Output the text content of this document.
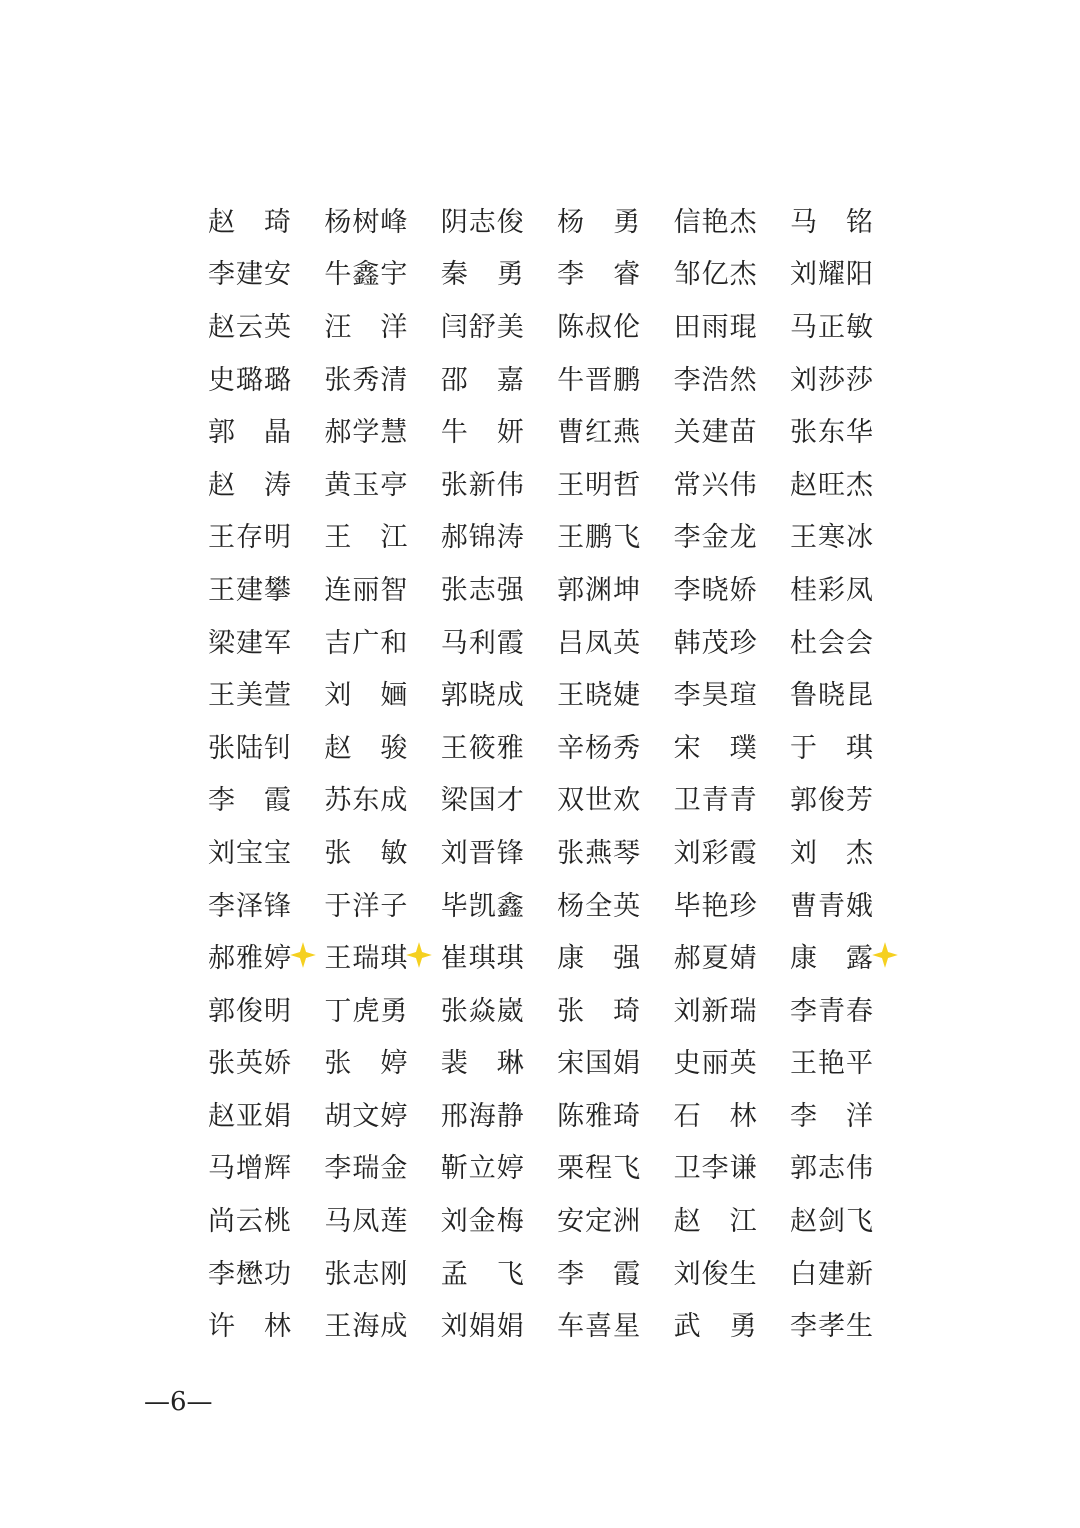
赵 琦 杨 树 峰 阴 志 俊 杨 勇 信 艳 杰 马 铭
李 建 安 牛 鑫 宇 秦 勇 李 睿 邹 亿 杰 刘 耀 阳
赵 云 英 汪 洋 闫 舒 美 陈 叔 伦 田 雨 琨 马 正 敏
史 璐 璐 张 秀 清 邵 嘉 牛 晋 鹏 李 浩 然 刘 莎 莎
郭 晶 郝 学 慧 牛 妍 曹 红 燕 关 建 苗 张 东 华
赵 涛 黄 玉 亭 张 新 伟 王 明 哲 常 兴 伟 赵 旺 杰
王 存 明 王 江 郝 锦 涛 王 鹏 飞 李 金 龙 王 寒 冰
王 建 攀 连 丽 智 张 志 强 郭 渊 坤 李 晓 娇 桂 彩 凤
梁 建 军 吉 广 和 马 利 霞 吕 凤 英 韩 茂 珍 杜 会 会
王 美 萱 刘 婳 郭 晓 成 王 晓 婕 李 昊 瑄 鲁 晓 昆
张 陆 钊 赵 骏 王 筱 雅 辛 杨 秀 宋 璞 于 琪
李 霞 苏 东 成 梁 国 才 双 世 欢 卫 青 青 郭 俊 芳
刘 宝 宝 张 敏 刘 晋 锋 张 燕 琴 刘 彩 霞 刘 杰
李 泽 锋 于 洋 子 毕 凯 鑫 杨 全 英 毕 艳 珍 曹 青 娥
郝 雅 婷 王 瑞 琪 崔 琪 琪 康 强 郝 夏 婧 康 露
郭 俊 明 丁 虎 勇 张 焱 崴 张 琦 刘 新 瑞 李 青 春
张 英 娇 张 婷 裴 琳 宋 国 娟 史 丽 英 王 艳 平
赵 亚 娟 胡 文 婷 邢 海 静 陈 雅 琦 石 林 李 洋
马 增 辉 李 瑞 金 靳 立 婷 栗 程 飞 卫 李 谦 郭 志 伟
尚 云 桃 马 凤 莲 刘 金 梅 安 定 洲 赵 江 赵 剑 飞
李 懋 功 张 志 刚 孟 飞 李 霞 刘 俊 生 白 建 新
许 林 王 海 成 刘 娟 娟 车 喜 星 武 勇 李 孝 生
—6—
